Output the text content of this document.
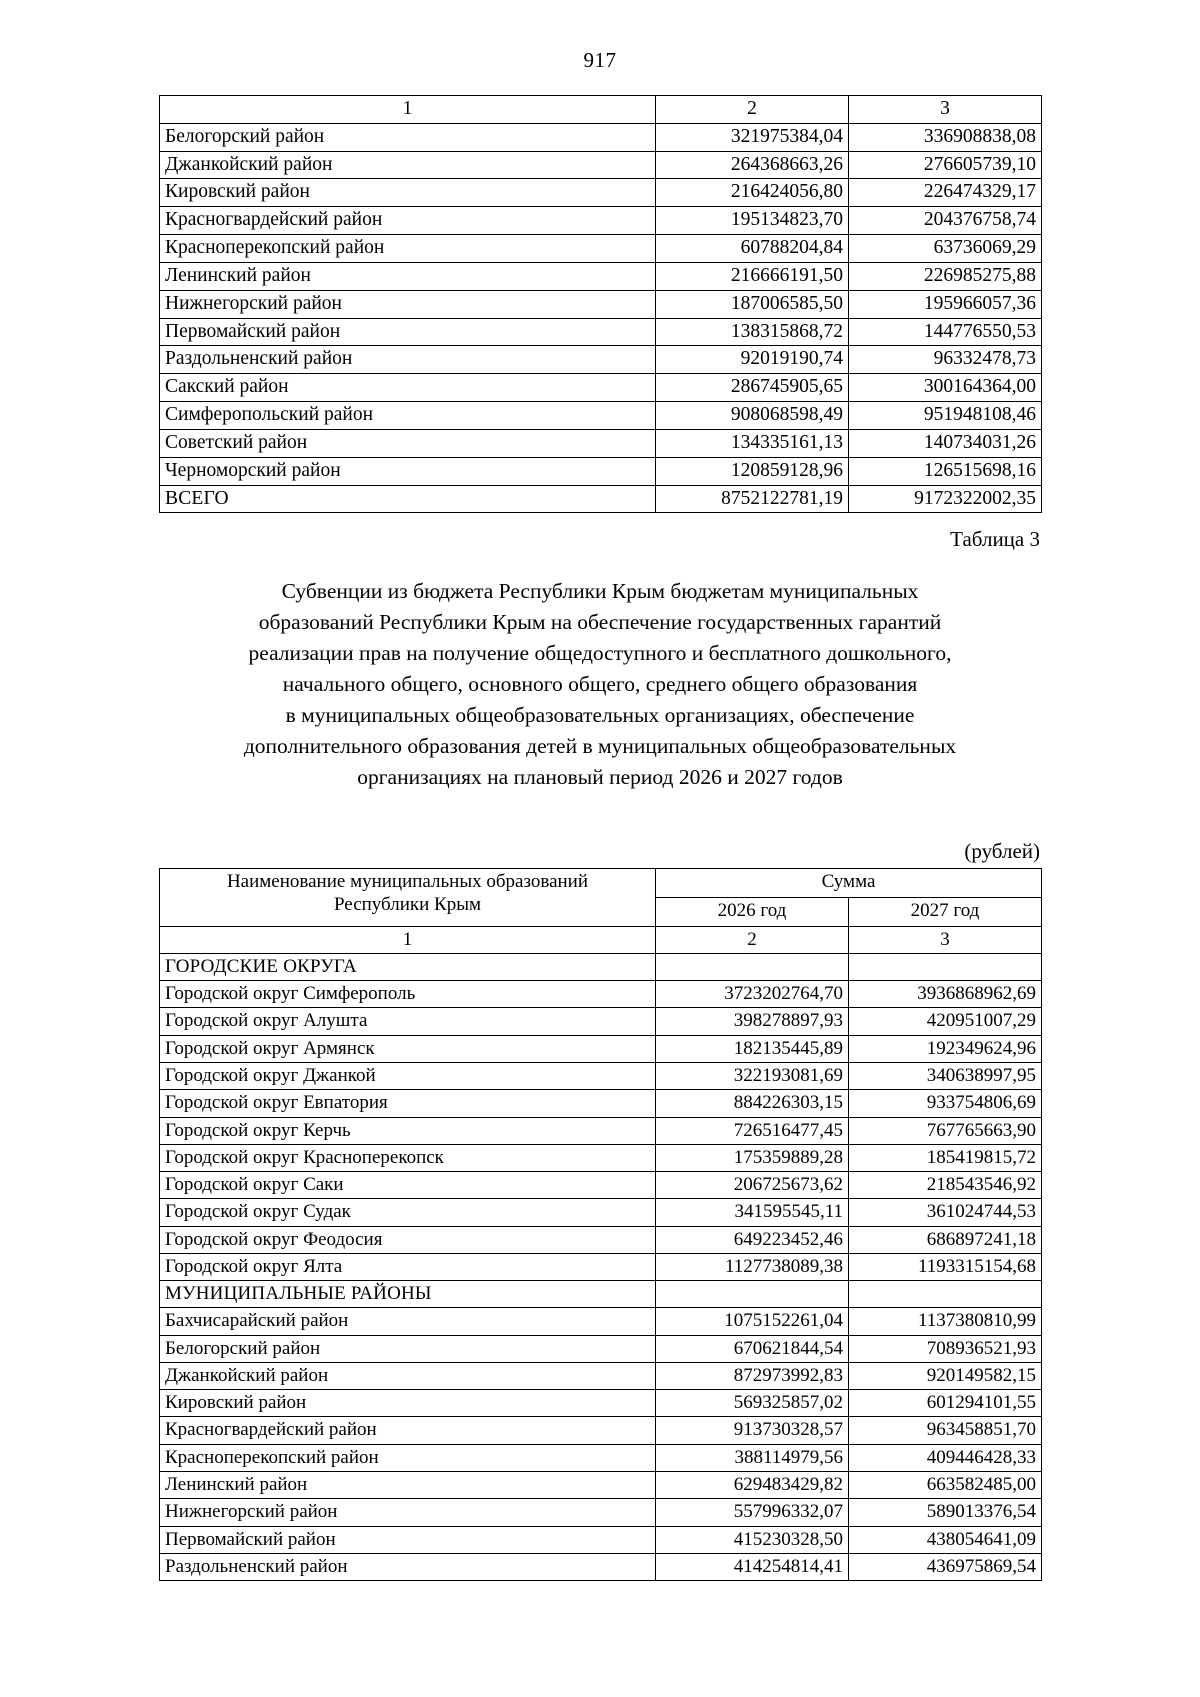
917
1	2	3
Белогорский район	321975384,04	336908838,08
Джанкойский район	264368663,26	276605739,10
Кировский район	216424056,80	226474329,17
Красногвардейский район	195134823,70	204376758,74
Красноперекопский район	60788204,84	63736069,29
Ленинский район	216666191,50	226985275,88
Нижнегорский район	187006585,50	195966057,36
Первомайский район	138315868,72	144776550,53
Раздольненский район	92019190,74	96332478,73
Сакский район	286745905,65	300164364,00
Симферопольский район	908068598,49	951948108,46
Советский район	134335161,13	140734031,26
Черноморский район	120859128,96	126515698,16
ВСЕГО	8752122781,19	9172322002,35
Таблица 3
Субвенции из бюджета Республики Крым бюджетам муниципальных
образований Республики Крым на обеспечение государственных гарантий
реализации прав на получение общедоступного и бесплатного дошкольного,
начального общего, основного общего, среднего общего образования
в муниципальных общеобразовательных организациях, обеспечение
дополнительного образования детей в муниципальных общеобразовательных
организациях на плановый период 2026 и 2027 годов
(рублей)
Наименование муниципальных образований
Республики Крым	Сумма	
	2026 год	2027 год
1	2	3
ГОРОДСКИЕ ОКРУГА		
Городской округ Симферополь	3723202764,70	3936868962,69
Городской округ Алушта	398278897,93	420951007,29
Городской округ Армянск	182135445,89	192349624,96
Городской округ Джанкой	322193081,69	340638997,95
Городской округ Евпатория	884226303,15	933754806,69
Городской округ Керчь	726516477,45	767765663,90
Городской округ Красноперекопск	175359889,28	185419815,72
Городской округ Саки	206725673,62	218543546,92
Городской округ Судак	341595545,11	361024744,53
Городской округ Феодосия	649223452,46	686897241,18
Городской округ Ялта	1127738089,38	1193315154,68
МУНИЦИПАЛЬНЫЕ РАЙОНЫ		
Бахчисарайский район	1075152261,04	1137380810,99
Белогорский район	670621844,54	708936521,93
Джанкойский район	872973992,83	920149582,15
Кировский район	569325857,02	601294101,55
Красногвардейский район	913730328,57	963458851,70
Красноперекопский район	388114979,56	409446428,33
Ленинский район	629483429,82	663582485,00
Нижнегорский район	557996332,07	589013376,54
Первомайский район	415230328,50	438054641,09
Раздольненский район	414254814,41	436975869,54
